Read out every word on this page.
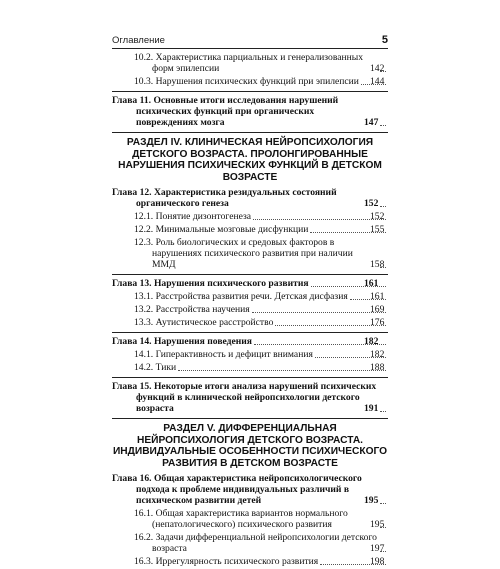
Оглавление	5
10.2. Характеристика парциальных и генерализованных форм эпилепсии	142
10.3. Нарушения психических функций при эпилепсии 144
Глава 11. Основные итоги исследования нарушений психических функций при органических повреждениях мозга	147
РАЗДЕЛ IV. КЛИНИЧЕСКАЯ НЕЙРОПСИХОЛОГИЯ ДЕТСКОГО ВОЗРАСТА. ПРОЛОНГИРОВАННЫЕ НАРУШЕНИЯ ПСИХИЧЕСКИХ ФУНКЦИЙ В ДЕТСКОМ ВОЗРАСТЕ
Глава 12. Характеристика резидуальных состояний органического генеза	152
12.1. Понятие дизонтогенеза	152
12.2. Минимальные мозговые дисфункции	155
12.3. Роль биологических и средовых факторов в нарушениях психического развития при наличии ММД	158
Глава 13. Нарушения психического развития	161
13.1. Расстройства развития речи. Детская дисфазия 161
13.2. Расстройства научения	169
13.3. Аутистическое расстройство	176
Глава 14. Нарушения поведения	182
14.1. Гиперактивность и дефицит внимания	182
14.2. Тики	188
Глава 15. Некоторые итоги анализа нарушений психических функций в клинической нейропсихологии детского возраста	191
РАЗДЕЛ V. ДИФФЕРЕНЦИАЛЬНАЯ НЕЙРОПСИХОЛОГИЯ ДЕТСКОГО ВОЗРАСТА. ИНДИВИДУАЛЬНЫЕ ОСОБЕННОСТИ ПСИХИЧЕСКОГО РАЗВИТИЯ В ДЕТСКОМ ВОЗРАСТЕ
Глава 16. Общая характеристика нейропсихологического подхода к проблеме индивидуальных различий в психическом развитии детей	195
16.1. Общая характеристика вариантов нормального (непатологического) психического развития	195
16.2. Задачи дифференциальной нейропсихологии детского возраста	197
16.3. Иррегулярность психического развития	198
